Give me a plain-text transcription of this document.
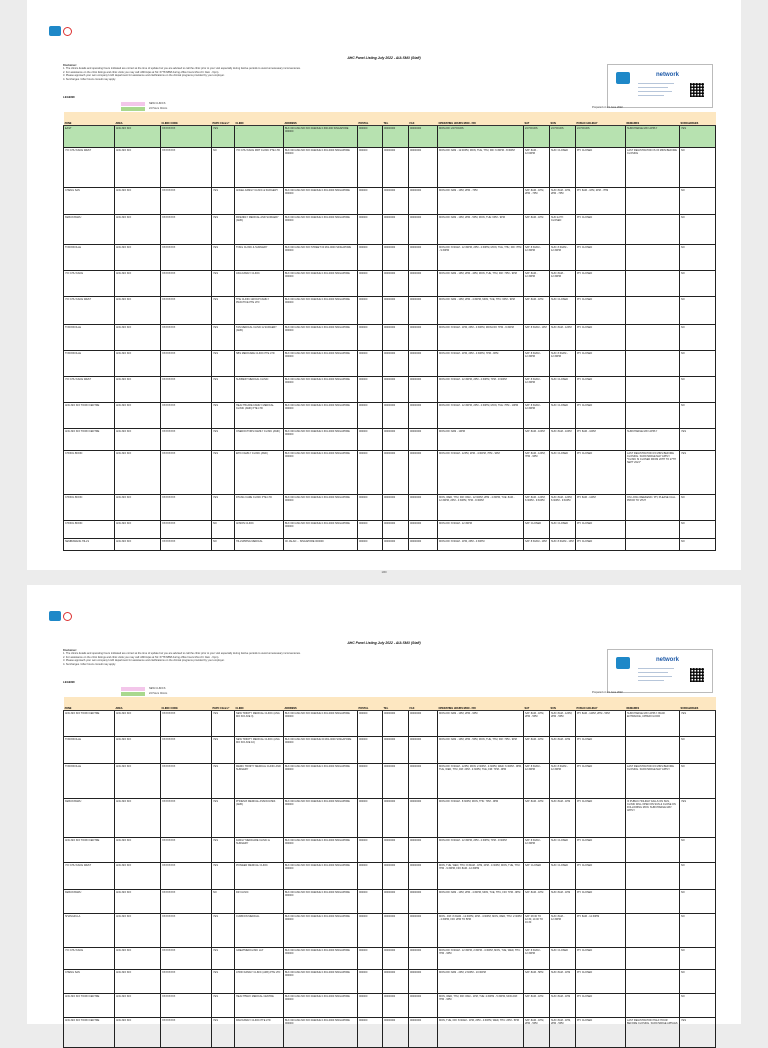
AHC Panel Listing July 2022 - AIA SMU (Staff)
Disclaimer:
1. The clinics details and operating hours indicated are correct at the time of update but you are advised to call the clinic prior to your visit especially during festive periods to avoid unnecessary inconvenience.
2. For assistance on the clinic listings and clinic visits you may call: AMCA(as at Tel: 6778 6868 during office hours Mon-Fri: 9am - 6pm).
3. Please approach your own company's HR department for assistance and clarifications on the clinical programs provided by your employer.
4. Surcharges / After hours consult may apply.
LEGEND
NEW CLINICS
24 Hours Clinics
network
Prepared on 21 June 2022
ZONE	AREA	CLINIC CODE	PHPC Clinics*	CLINIC	ADDRESS	POSTAL	TEL	FAX	OPERATING HOURS MON - FRI	SAT	SUN	PUBLIC HOLIDAY	REMARKS	SURCHARGES
EAST	ANG MO KIO	XXXXXXXX	YES	...	BLK 000 ANG MO KIO AVENUE 0 #00-000 SINGAPORE 000000	000000	00000000	00000000	MON-FRI: 24 HOURS	24 HOURS	24 HOURS	24 HOURS	SURCHARGE MAY APPLY	YES
YIO CHU KANG WEST	ANG MO KIO	XXXXXXXX	NO	YIO CHU KANG MRT CLINIC PTE LTD	BLK 000 ANG MO KIO AVENUE 0 #01-0000 SINGAPORE 000000	000000	00000000	00000000	MON-FRI: 8AM - 12:00PM, MON, TUE, THU, FRI: 6:30PM - 8:30PM	SAT: 8AM - 12:00PM	SUN: CLOSED	PH: CLOSED	LAST REGISTRATION IS 15 MINS BEFORE CLOSING	NO
CHENG SAN	ANG MO KIO	XXXXXXXX	YES	ANGEL FAMILY CLINIC & SURGERY	BLK 000 ANG MO KIO AVENUE 0 #01-0000 SINGAPORE 000000	000000	00000000	00000000	MON-FRI: 8AM - 1PM, 2PM - 7PM	SAT: 8AM - 1PM, 2PM - 7PM	SUN: 8AM - 1PM, 2PM - 7PM	PH: 8AM - 1PM, 2PM - 7PM		NO
KEBUN BARU	ANG MO KIO	XXXXXXXX	YES	FRIENDLY MEDICAL AND SURGERY (AMK)	BLK 000 ANG MO KIO AVENUE 0 #01-0000 SINGAPORE 000000	000000	00000000	00000000	MON-FRI: 8AM - 1PM, 2PM - 5PM, MON, TUE: 6PM - 9PM	SAT: 8AM - 1PM	SUN & PH: CLOSED	PH: CLOSED		NO
TOWNSVILLE	ANG MO KIO	XXXXXXXX	YES	TONG CLINIC & SURGERY	BLK 000 ANG MO KIO STREET 00 #01-0000 SINGAPORE 000000	000000	00000000	00000000	MON-FRI: 8:30AM - 12:30PM, 2PM - 4:30PM, MON, TUE, THU, FRI: 7PM - 9:30PM	SAT: 8:30AM - 12:30PM	SUN: 8:30AM - 12:30PM	PH: CLOSED		NO
YIO CHU KANG	ANG MO KIO	XXXXXXXX	YES	ASIA FAMILY CLINIC	BLK 000 ANG MO KIO AVENUE 0 #01-0000 SINGAPORE 000000	000000	00000000	00000000	MON-FRI: 8AM - 1PM, 2PM - 4PM, MON, TUE, THU, FRI: 7PM - 9PM	SAT: 8AM - 12:30PM	SUN: 8AM - 12:30PM	PH: CLOSED		NO
YIO CHU KANG WEST	ANG MO KIO	XXXXXXXX	YES	THE CLINIC GROUP FAMILY PRACTICE PTE LTD	BLK 000 ANG MO KIO AVENUE 0 #01-0000 SINGAPORE 000000	000000	00000000	00000000	MON-FRI: 8AM - 1PM, 2PM - 4:30PM, MON, TUE, THU: 6PM - 9PM	SAT: 8AM - 1PM	SUN: CLOSED	PH: CLOSED		NO
TOWNSVILLE	ANG MO KIO	XXXXXXXX	YES	TAN MEDICAL CLINIC & SURGERY (AMK)	BLK 000 ANG MO KIO AVENUE 0 #01-0000 SINGAPORE 000000	000000	00000000	00000000	MON-FRI: 8:30AM - 1PM, 2PM - 4:30PM, MON-FRI: 7PM - 9:30PM	SAT: 8:30AM - 1PM	SUN: 8AM - 12PM	PH: CLOSED		NO
TOWNSVILLE	ANG MO KIO	XXXXXXXX	YES	SBS MEDICARE CLINIC PTE LTD	BLK 000 ANG MO KIO AVENUE 0 #01-0000 SINGAPORE 000000	000000	00000000	00000000	MON-FRI: 8:30AM - 1PM, 2PM - 4:30PM, 7PM - 9PM	SAT: 8:30AM - 12:30PM	SUN: 8:30AM - 12:30PM	PH: CLOSED		NO
YIO CHU KANG WEST	ANG MO KIO	XXXXXXXX	YES	SUNBEST MEDICAL CLINIC	BLK 000 ANG MO KIO AVENUE 0 #01-0000 SINGAPORE 000000	000000	00000000	00000000	MON-FRI: 8:30AM - 12:30PM, 2PM - 4:30PM, 7PM - 9:30PM	SAT: 8:30AM - 12:30PM	SUN: CLOSED	PH: CLOSED		NO
ANG MO KIO TOWN CENTRE	ANG MO KIO	XXXXXXXX	YES	HEALTHCARE FAMILY MEDICAL CLINIC (AMK) PTE LTD	BLK 000 ANG MO KIO AVENUE 0 #01-0000 SINGAPORE 000000	000000	00000000	00000000	MON-FRI: 8:30AM - 12:30PM, 2PM - 4:30PM, MON, TUE: 7PM - 10PM	SAT: 8:30AM - 12:30PM	SUN: CLOSED	PH: CLOSED		NO
ANG MO KIO TOWN CENTRE	ANG MO KIO	XXXXXXXX	YES	ONEDOCTORS FAMILY CLINIC (AMK)	BLK 000 ANG MO KIO AVENUE 0 #01-0000 SINGAPORE 000000	000000	00000000	00000000	MON-FRI: 8AM - 10PM	SAT: 8AM - 10PM	SUN: 8AM - 10PM	PH: 8AM - 10PM	SURCHARGE MAY APPLY	YES
CHONG BOON	ANG MO KIO	XXXXXXXX	YES	EPIC FAMILY CLINIC (AMK)	BLK 000 ANG MO KIO AVENUE 0 #01-0000 SINGAPORE 000000	000000	00000000	00000000	MON-FRI: 8:30AM - 12PM, 2PM - 4:30PM, 7PM - 9PM	SAT: 8AM - 12PM, 7PM - 9PM	SUN: CLOSED	PH: CLOSED	LAST REGISTRATION 15 MINS BEFORE CLOSING. SURCHARGE MAY APPLY *CLINIC IS CLOSED FROM 20TH TO 27TH SEPT 2021*	YES
CHONG BOON	ANG MO KIO	XXXXXXXX	YES	DTANG CARE CLINIC PTE LTD	BLK 000 ANG MO KIO AVENUE 0 #01-0000 SINGAPORE 000000	000000	00000000	00000000	MON, WED, THU, FRI: 8AM - 12:30PM, 2PM - 4:30PM, TUE: 8AM - 12:30PM, 2PM - 4:30PM, 7PM - 9:30PM	SAT: 8AM - 12PM, 6:30PM - 9:30PM	SUN: 8AM - 12PM, 6:30PM - 9:30PM	PH: 8AM - 12PM	ON LONG WEEKEND / PH, PLEASE CALL PRIOR TO VISIT	NO
CHONG BOON	ANG MO KIO	XXXXXXXX	NO	ANSON CLINIC	BLK 000 ANG MO KIO AVENUE 0 #01-0000 SINGAPORE 000000	000000	00000000	00000000	MON-FRI: 8:30AM - 12:30PM	SAT: CLOSED	SUN: CLOSED	PH: CLOSED		NO
SEMBAWANG HILLS	ANG MO KIO	XXXXXXXX	NO	HILLSPRING MEDICAL	00 JALAN ... SINGAPORE 000000	000000	00000000	00000000	MON-FRI: 8:30AM - 1PM, 2PM - 4:30PM	SAT: 8:30AM - 1PM	SUN: 8:30AM - 1PM	PH: CLOSED		NO
1/60
AHC Panel Listing July 2022 - AIA SMU (Staff)
Disclaimer:
1. The clinics details and operating hours indicated are correct at the time of update but you are advised to call the clinic prior to your visit especially during festive periods to avoid unnecessary inconvenience.
2. For assistance on the clinic listings and clinic visits you may call: AMCA(as at Tel: 6778 6868 during office hours Mon-Fri: 9am - 6pm).
3. Please approach your own company's HR department for assistance and clarifications on the clinical programs provided by your employer.
4. Surcharges / After hours consult may apply.
LEGEND
NEW CLINICS
24 Hours Clinics
network
Prepared on 21 June 2022
ZONE	AREA	CLINIC CODE	PHPC Clinics*	CLINIC	ADDRESS	POSTAL	TEL	FAX	OPERATING HOURS MON - FRI	SAT	SUN	PUBLIC HOLIDAY	REMARKS	SURCHARGES
ANG MO KIO TOWN CENTRE	ANG MO KIO	XXXXXXXX	YES	NEW TRINITY MEDICAL CLINIC (ANG MO KIO AVE 3)	BLK 000 ANG MO KIO AVENUE 0 #01-0000 SINGAPORE 000000	000000	00000000	00000000	MON-FRI: 8AM - 1PM, 2PM - 9PM	SAT: 8AM - 1PM, 2PM - 5PM	SUN: 8AM - 12PM, 2PM - 5PM	PH: 8AM - 12PM, 2PM - 5PM	SURCHARGE MAY APPLY. BACK ENTRANCE, UPPER FLOOR	YES
TOWNSVILLE	ANG MO KIO	XXXXXXXX	YES	NEW TRINITY MEDICAL CLINIC (ANG MO KIO AVE 10)	BLK 000 ANG MO KIO AVENUE 00 #01-0000 SINGAPORE 000000	000000	00000000	00000000	MON-FRI: 8AM - 1PM, 2PM - 5PM, MON, TUE, THU, FRI: 7PM - 9PM	SAT: 8AM - 1PM	SUN: 8AM - 1PM	PH: CLOSED		NO
TOWNSVILLE	ANG MO KIO	XXXXXXXX	YES	MEDIC TRINITY MEDICAL CLINIC AND SURGERY	BLK 000 ANG MO KIO AVENUE 0 #01-0000 SINGAPORE 000000	000000	00000000	00000000	MON-FRI: 8:30AM - 12PM, MON: 2:30PM - 4:30PM, WED: 6:30PM - 9PM, TUE, WED, THU, FRI: 2PM - 4:30PM, TUE, FRI: 7PM - 9PM	SAT: 8:30AM - 12:30PM	SUN: 8:30AM - 12:30PM	PH: CLOSED	LAST REGISTRATION 15 MINS BEFORE CLOSING. SURCHARGE MAY APPLY	NO
KEBUN BARU	ANG MO KIO	XXXXXXXX	YES	PHOENIX MEDICAL ASSOCIATES (AMK)	BLK 000 ANG MO KIO AVENUE 0 #01-0000 SINGAPORE 000000	000000	00000000	00000000	MON-FRI: 8:30AM - 8:30PM, MON, THU: 7PM - 9PM	SAT: 8AM - 1PM	SUN: 8AM - 1PM	PH: CLOSED	IF PUBLIC HOLIDAY FALLS ON SUN, CLINIC WILL OPEN ON SUN & CLOSE ON FOLLOWING MON. SURCHARGE MAY APPLY	YES
ANG MO KIO TOWN CENTRE	ANG MO KIO	XXXXXXXX	YES	FAMILY MEDICARE CLINIC & SURGERY	BLK 000 ANG MO KIO AVENUE 0 #01-0000 SINGAPORE 000000	000000	00000000	00000000	MON-FRI: 8:30AM - 12:30PM, 2PM - 4:30PM, 7PM - 9:30PM	SAT: 8:30AM - 12:30PM	SUN: CLOSED	PH: CLOSED		NO
YIO CHU KANG WEST	ANG MO KIO	XXXXXXXX	YES	PIONEER MEDICAL CLINIC	BLK 000 ANG MO KIO AVENUE 0 #01-0000 SINGAPORE 000000	000000	00000000	00000000	MON, TUE, WED, THU: 8:30AM - 1PM, 2PM - 4:30PM, MON, TUE, THU: 7PM - 9:30PM, FRI: 8AM - 12:30PM	SAT: CLOSED	SUN: CLOSED	PH: CLOSED		NO
KEBUN BARU	ANG MO KIO	XXXXXXXX	NO	DR CLINIC	BLK 000 ANG MO KIO AVENUE 0 #01-0000 SINGAPORE 000000	000000	00000000	00000000	MON-FRI: 8AM - 1PM, 2PM - 4:30PM, MON, TUE, THU, FRI: 7PM - 9PM	SAT: 8AM - 1PM	SUN: 8AM - 1PM	PH: CLOSED		NO
SHANGRI-LA	ANG MO KIO	XXXXXXXX	YES	CURRION MEDICAL	BLK 000 ANG MO KIO AVENUE 0 #01-0000 SINGAPORE 000000	000000	00000000	00000000	MON - FRI: 8:30AM - 12:30PM, 2PM - 4:30PM, MON, WED, THU: 2:30PM - 4:30PM, FRI: 2PM TO 5PM	SAT: 08:30 TO 12:30, 14:00 TO 16:30	SUN: 8AM - 12:30PM	PH: 8AM - 12:30PM		NO
YIO CHU KANG	ANG MO KIO	XXXXXXXX	YES	GREATMEDCLINIC LLP	BLK 000 ANG MO KIO AVENUE 0 #01-0000 SINGAPORE 000000	000000	00000000	00000000	MON-FRI: 8:30AM - 12:30PM, 2:30PM - 4:30PM, MON, TUE, WED, THU: 7PM - 9PM	SAT: 8:30AM - 12:30PM	SUN: CLOSED	PH: CLOSED		NO
CHENG SAN	ANG MO KIO	XXXXXXXX	YES	ATRIO FAMILY CLINIC (AMK) PTE LTD	BLK 000 ANG MO KIO AVENUE 0 #01-0000 SINGAPORE 000000	000000	00000000	00000000	MON-FRI: 8AM - 2PM, 2:30PM - 10:30PM	SAT: 8AM - 5PM	SUN: 8AM - 1PM	PH: CLOSED		NO
ANG MO KIO TOWN CENTRE	ANG MO KIO	XXXXXXXX	YES	HEALTHWAY MEDICAL CENTRE	BLK 000 ANG MO KIO AVENUE 0 #01-0000 SINGAPORE 000000	000000	00000000	00000000	MON, WED, THU, FRI: 8AM - 1PM, TUE: 2:30PM - 5:30PM, MON-FRI: 7PM - 9PM	SAT: 8AM - 1PM	SUN: 8AM - 1PM	PH: CLOSED		NO
ANG MO KIO TOWN CENTRE	ANG MO KIO	XXXXXXXX	YES	RAM FAMILY CLINIC PTE LTD	BLK 000 ANG MO KIO AVENUE 0 #01-0000 SINGAPORE 000000	000000	00000000	00000000	MON, TUE, FRI: 8:30AM - 1PM, 2PM - 4:30PM, WED, THU: 2PM - 5PM	SAT: 8AM - 1PM, 2PM - 5PM	SUN: 8AM - 1PM, 2PM - 5PM	PH: CLOSED	LAST REGISTRATION HALF HOUR BEFORE CLOSING. SURCHARGE APPLIES	YES
